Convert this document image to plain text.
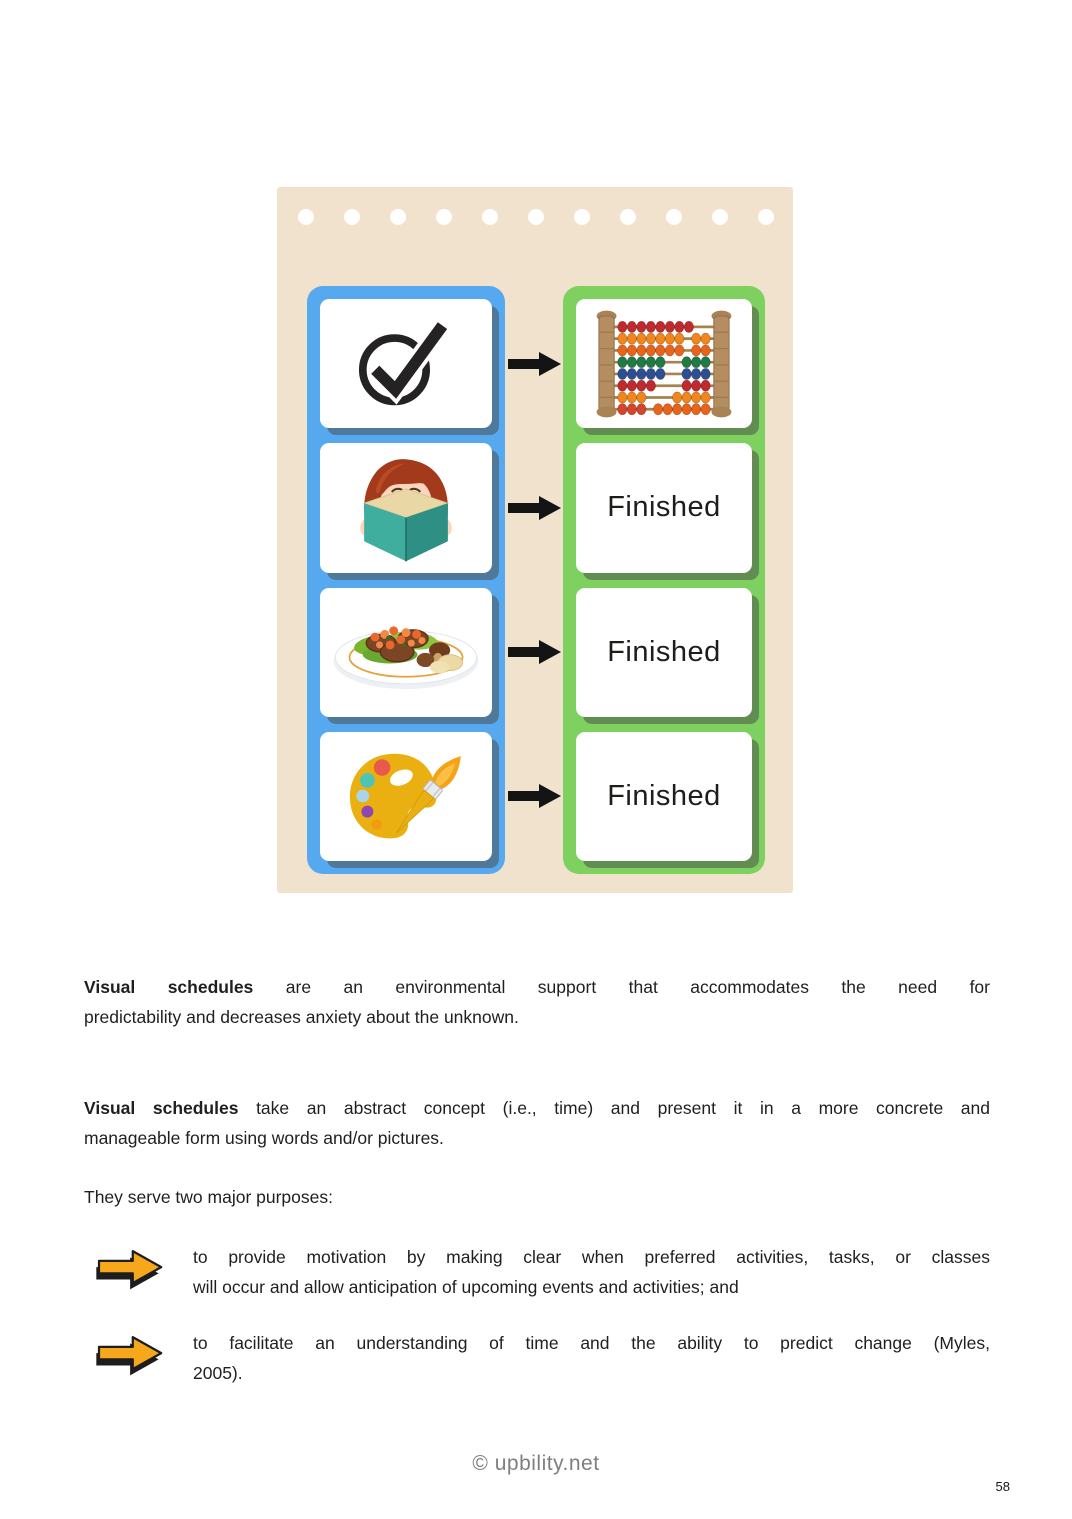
Finished
Finished
Finished
Visual schedules are an environmental support that accommodates the need for
predictability and decreases anxiety about the unknown.
Visual schedules take an abstract concept (i.e., time) and present it in a more concrete and
manageable form using words and/or pictures.
They serve two major purposes:
to provide motivation by making clear when preferred activities, tasks, or classes
will occur and allow anticipation of upcoming events and activities; and
to facilitate an understanding of time and the ability to predict change (Myles,
2005).
© upbility.net
58
